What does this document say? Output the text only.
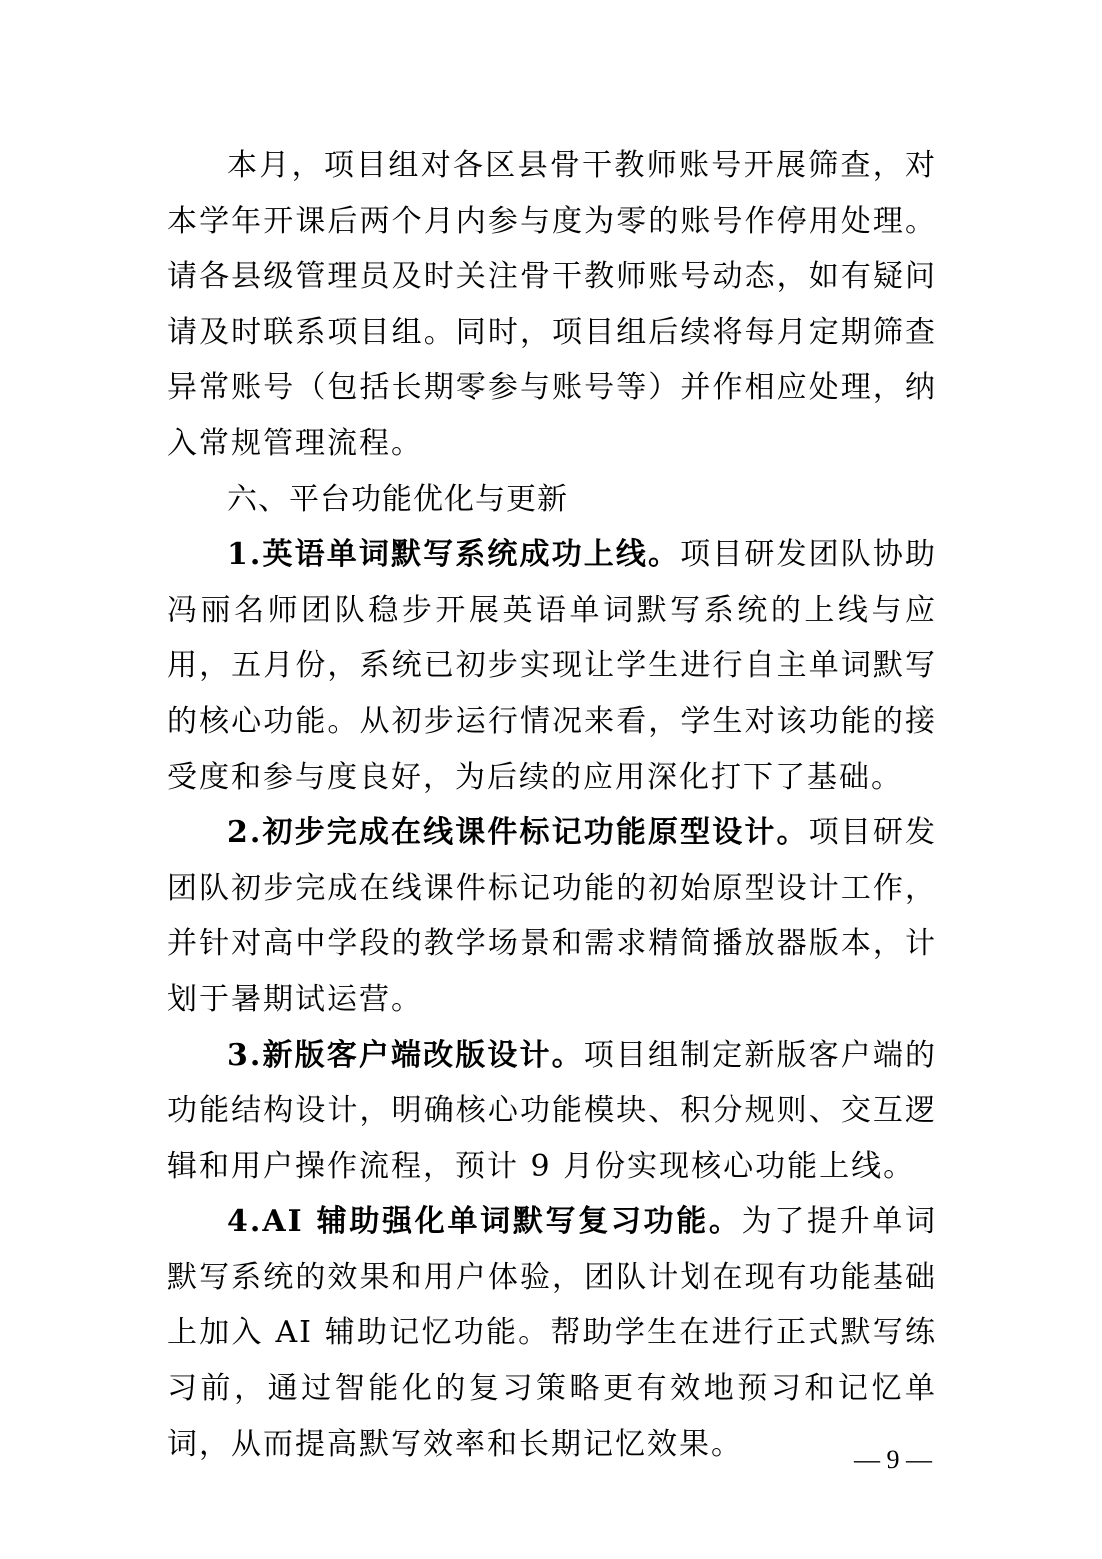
本月，项目组对各区县骨干教师账号开展筛查，对本学年开课后两个月内参与度为零的账号作停用处理。请各县级管理员及时关注骨干教师账号动态，如有疑问请及时联系项目组。同时，项目组后续将每月定期筛查异常账号（包括长期零参与账号等）并作相应处理，纳入常规管理流程。

六、平台功能优化与更新

1.英语单词默写系统成功上线。项目研发团队协助冯丽名师团队稳步开展英语单词默写系统的上线与应用，五月份，系统已初步实现让学生进行自主单词默写的核心功能。从初步运行情况来看，学生对该功能的接受度和参与度良好，为后续的应用深化打下了基础。

2.初步完成在线课件标记功能原型设计。项目研发团队初步完成在线课件标记功能的初始原型设计工作，并针对高中学段的教学场景和需求精简播放器版本，计划于暑期试运营。

3.新版客户端改版设计。项目组制定新版客户端的功能结构设计，明确核心功能模块、积分规则、交互逻辑和用户操作流程，预计 9 月份实现核心功能上线。

4.AI 辅助强化单词默写复习功能。为了提升单词默写系统的效果和用户体验，团队计划在现有功能基础上加入 AI 辅助记忆功能。帮助学生在进行正式默写练习前，通过智能化的复习策略更有效地预习和记忆单词，从而提高默写效率和长期记忆效果。	— 9 —
